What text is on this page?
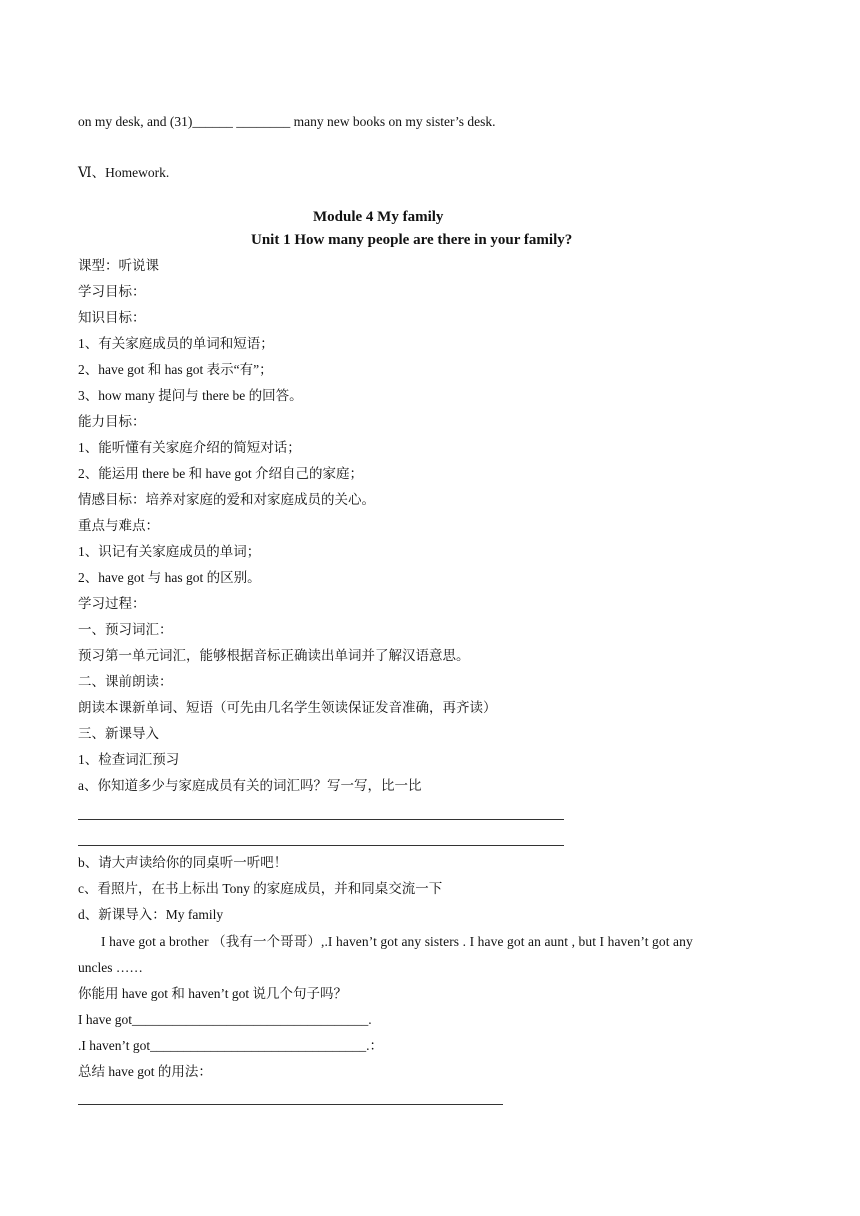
on my desk, and (31)______ ________ many new books on my sister’s desk.
Ⅵ、Homework.
Module 4 My family
Unit 1 How many people are there in your family?
课型：听说课
学习目标：
知识目标：
1、有关家庭成员的单词和短语；
2、have got 和 has got 表示“有”；
3、how many 提问与 there be 的回答。
能力目标：
1、能听懂有关家庭介绍的简短对话；
2、能运用 there be 和 have got 介绍自己的家庭；
情感目标：培养对家庭的爱和对家庭成员的关心。
重点与难点：
1、识记有关家庭成员的单词；
2、have got 与 has got 的区别。
学习过程：
一、预习词汇：
预习第一单元词汇，能够根据音标正确读出单词并了解汉语意思。
二、课前朗读：
朗读本课新单词、短语（可先由几名学生领读保证发音准确，再齐读）
三、新课导入
1、检查词汇预习
a、你知道多少与家庭成员有关的词汇吗？写一写，比一比
b、请大声读给你的同桌听一听吧！
c、看照片，在书上标出 Tony 的家庭成员，并和同桌交流一下
d、新课导入：My family
I have got a brother （我有一个哥哥）,.I haven’t got any sisters . I have got an aunt , but I haven’t got any
uncles ……
你能用 have got 和 haven’t got 说几个句子吗？
I have got___________________________________.
.I haven’t got________________________________.：
总结 have got 的用法：
